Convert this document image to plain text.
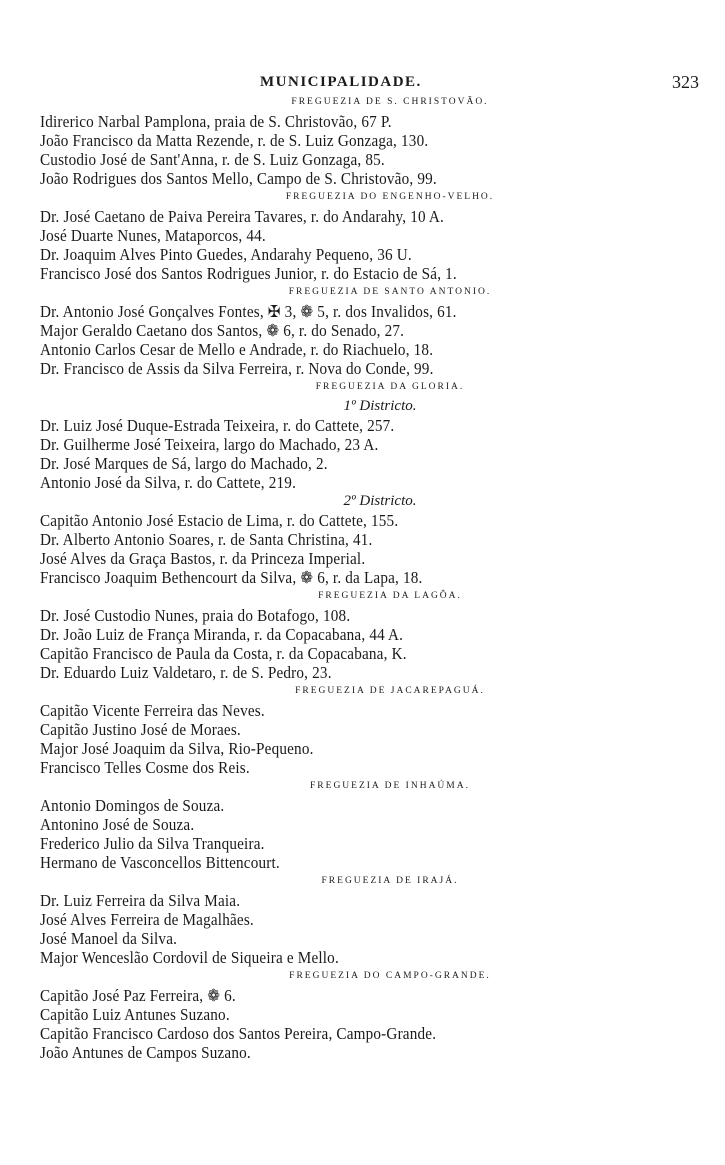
MUNICIPALIDADE.	323
FREGUEZIA DE S. CHRISTOVÃO.
Idirerico Narbal Pamplona, praia de S. Christovão, 67 P.
João Francisco da Matta Rezende, r. de S. Luiz Gonzaga, 130.
Custodio José de Sant'Anna, r. de S. Luiz Gonzaga, 85.
João Rodrigues dos Santos Mello, Campo de S. Christovão, 99.
FREGUEZIA DO ENGENHO-VELHO.
Dr. José Caetano de Paiva Pereira Tavares, r. do Andarahy, 10 A.
José Duarte Nunes, Mataporcos, 44.
Dr. Joaquim Alves Pinto Guedes, Andarahy Pequeno, 36 U.
Francisco José dos Santos Rodrigues Junior, r. do Estacio de Sá, 1.
FREGUEZIA DE SANTO ANTONIO.
Dr. Antonio José Gonçalves Fontes, ✠ 3, ❁ 5, r. dos Invalidos, 61.
Major Geraldo Caetano dos Santos, ❁ 6, r. do Senado, 27.
Antonio Carlos Cesar de Mello e Andrade, r. do Riachuelo, 18.
Dr. Francisco de Assis da Silva Ferreira, r. Nova do Conde, 99.
FREGUEZIA DA GLORIA.
1º Districto.
Dr. Luiz José Duque-Estrada Teixeira, r. do Cattete, 257.
Dr. Guilherme José Teixeira, largo do Machado, 23 A.
Dr. José Marques de Sá, largo do Machado, 2.
Antonio José da Silva, r. do Cattete, 219.
2º Districto.
Capitão Antonio José Estacio de Lima, r. do Cattete, 155.
Dr. Alberto Antonio Soares, r. de Santa Christina, 41.
José Alves da Graça Bastos, r. da Princeza Imperial.
Francisco Joaquim Bethencourt da Silva, ❁ 6, r. da Lapa, 18.
FREGUEZIA DA LAGÔA.
Dr. José Custodio Nunes, praia do Botafogo, 108.
Dr. João Luiz de França Miranda, r. da Copacabana, 44 A.
Capitão Francisco de Paula da Costa, r. da Copacabana, K.
Dr. Eduardo Luiz Valdetaro, r. de S. Pedro, 23.
FREGUEZIA DE JACAREPAGUÁ.
Capitão Vicente Ferreira das Neves.
Capitão Justino José de Moraes.
Major José Joaquim da Silva, Rio-Pequeno.
Francisco Telles Cosme dos Reis.
FREGUEZIA DE INHAÚMA.
Antonio Domingos de Souza.
Antonino José de Souza.
Frederico Julio da Silva Tranqueira.
Hermano de Vasconcellos Bittencourt.
FREGUEZIA DE IRAJÁ.
Dr. Luiz Ferreira da Silva Maia.
José Alves Ferreira de Magalhães.
José Manoel da Silva.
Major Wenceslão Cordovil de Siqueira e Mello.
FREGUEZIA DO CAMPO-GRANDE.
Capitão José Paz Ferreira, ❁ 6.
Capitão Luiz Antunes Suzano.
Capitão Francisco Cardoso dos Santos Pereira, Campo-Grande.
João Antunes de Campos Suzano.
